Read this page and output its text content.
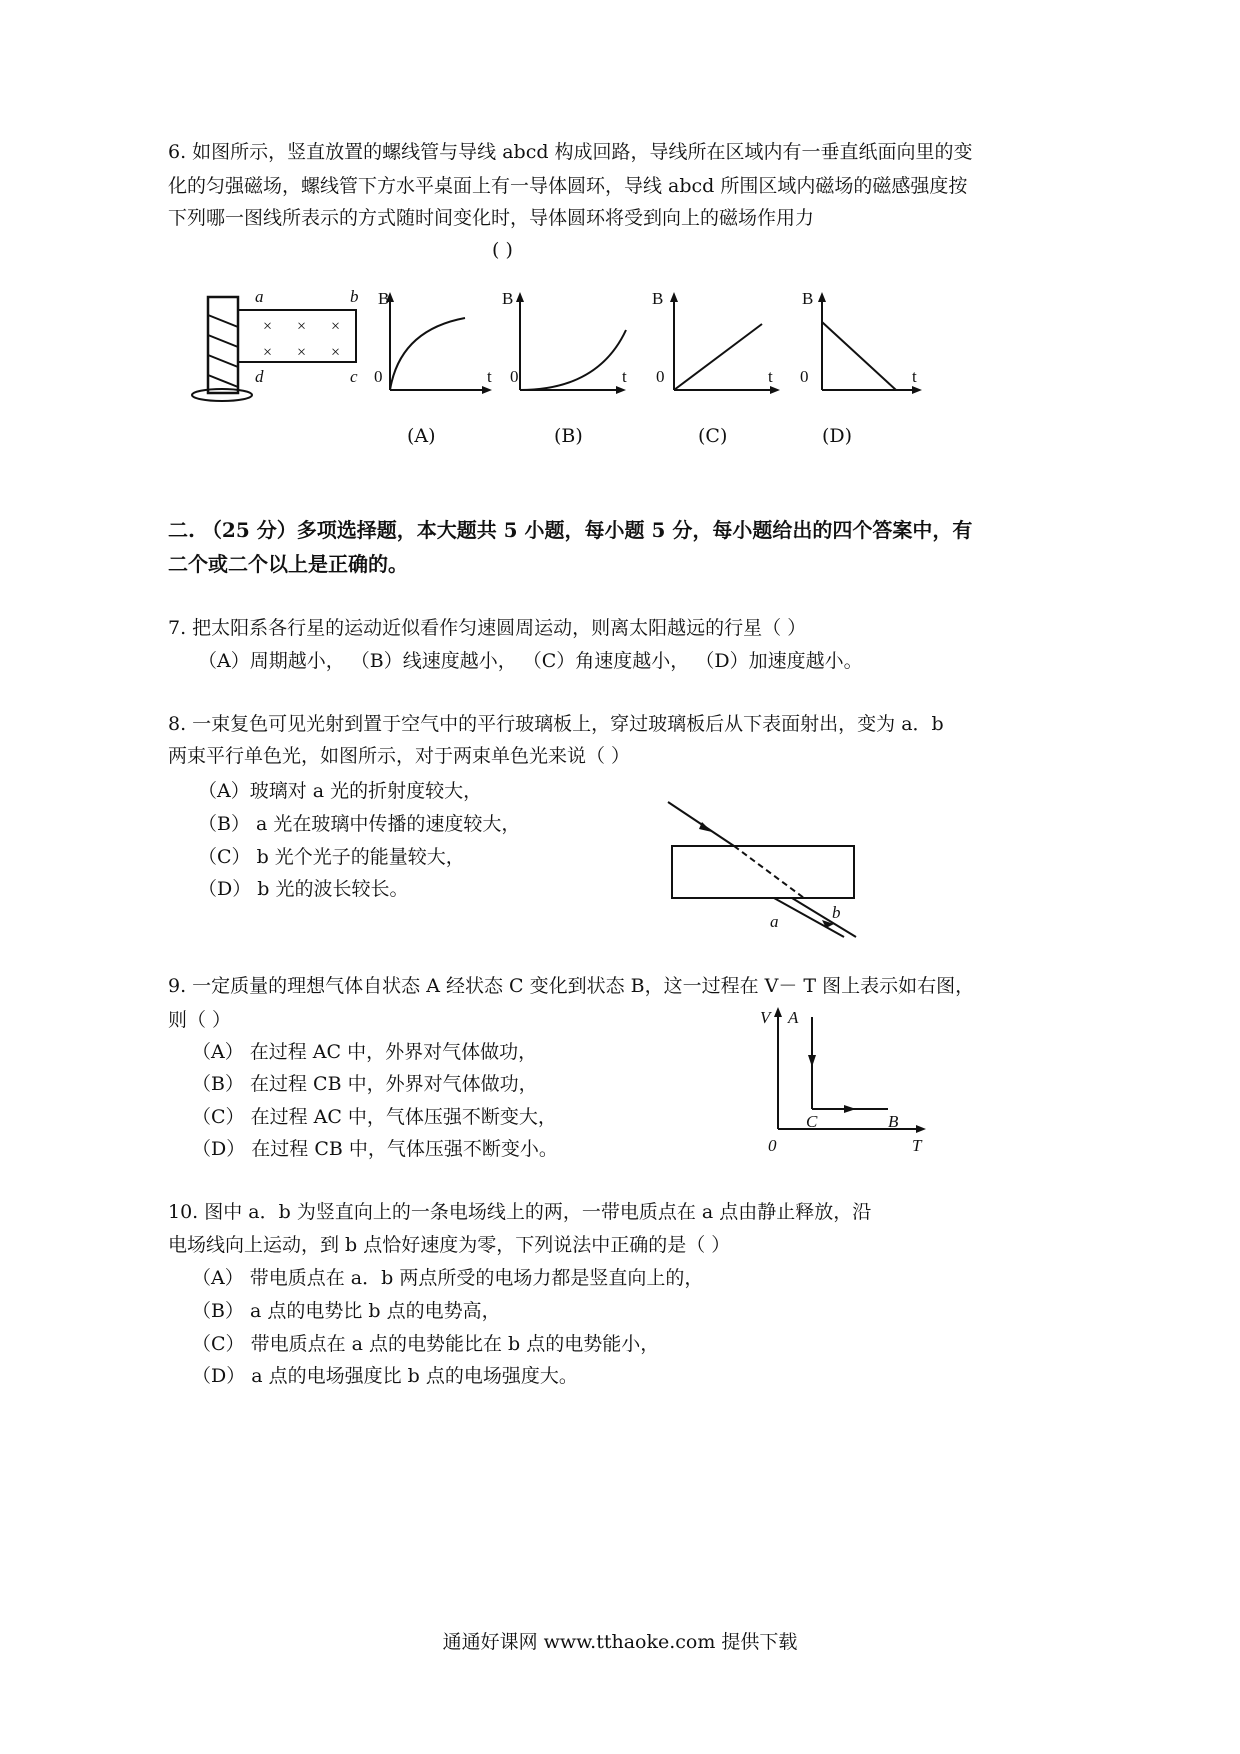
6. 如图所示，竖直放置的螺线管与导线 abcd 构成回路，导线所在区域内有一垂直纸面向里的变
化的匀强磁场，螺线管下方水平桌面上有一导体圆环，导线 abcd 所围区域内磁场的磁感强度按
下列哪一图线所表示的方式随时间变化时，导体圆环将受到向上的磁场作用力
( )
a	b
d	c
× × ×
× × ×
B
0	t
(A)
B
0	t
(B)
B
0	t
(C)
B
0	t
(D)
二. （25 分）多项选择题，本大题共 5 小题，每小题 5 分，每小题给出的四个答案中，有
二个或二个以上是正确的。
7. 把太阳系各行星的运动近似看作匀速圆周运动，则离太阳越远的行星（ ）
（A）周期越小， （B）线速度越小， （C）角速度越小， （D）加速度越小。
8. 一束复色可见光射到置于空气中的平行玻璃板上，穿过玻璃板后从下表面射出，变为 a．b
两束平行单色光，如图所示，对于两束单色光来说（ ）
（A）玻璃对 a 光的折射度较大，
（B） a 光在玻璃中传播的速度较大，
（C） b 光个光子的能量较大，
（D） b 光的波长较长。
a	b
9. 一定质量的理想气体自状态 A 经状态 C 变化到状态 B，这一过程在 V－ T 图上表示如右图，
则（ ）
（A） 在过程 AC 中，外界对气体做功，
（B） 在过程 CB 中，外界对气体做功，
（C） 在过程 AC 中，气体压强不断变大，
（D） 在过程 CB 中，气体压强不断变小。
V A
C	B
0	T
10. 图中 a．b 为竖直向上的一条电场线上的两，一带电质点在 a 点由静止释放，沿
电场线向上运动，到 b 点恰好速度为零，下列说法中正确的是（ ）
（A） 带电质点在 a．b 两点所受的电场力都是竖直向上的，
（B） a 点的电势比 b 点的电势高，
（C） 带电质点在 a 点的电势能比在 b 点的电势能小，
（D） a 点的电场强度比 b 点的电场强度大。
通通好课网 www.tthaoke.com 提供下载
